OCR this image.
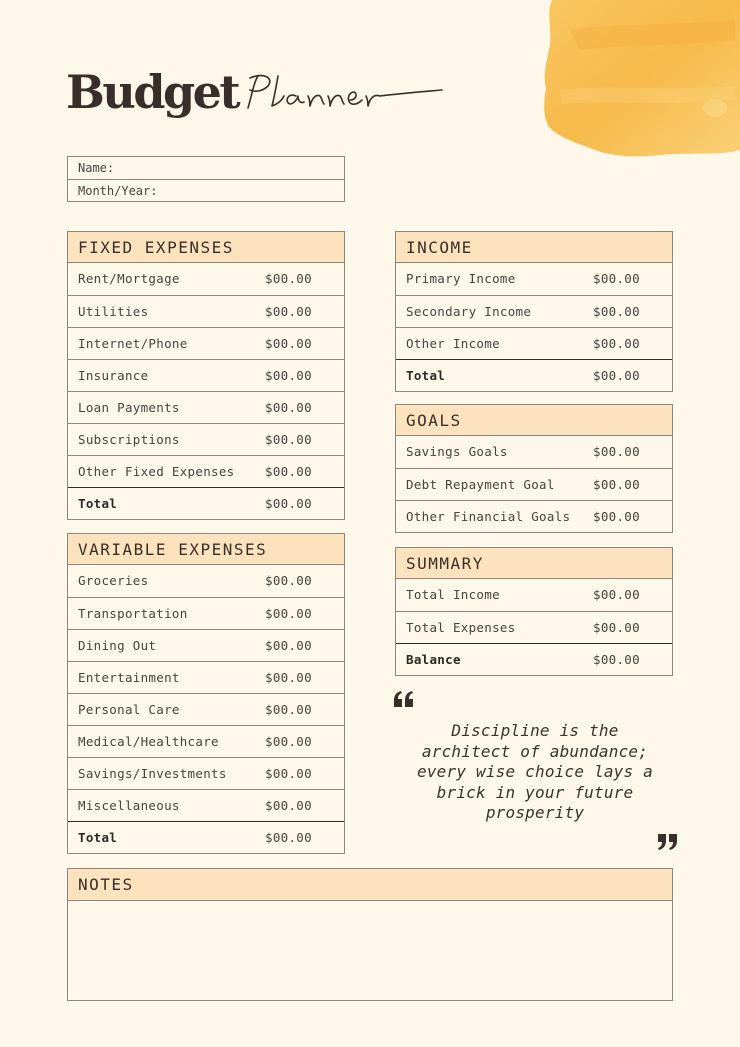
Budget
Name:
Month/Year:
FIXED EXPENSES
Rent/Mortgage	$00.00
Utilities	$00.00
Internet/Phone	$00.00
Insurance	$00.00
Loan Payments	$00.00
Subscriptions	$00.00
Other Fixed Expenses $00.00
Total	$00.00
VARIABLE EXPENSES
Groceries	$00.00
Transportation	$00.00
Dining Out	$00.00
Entertainment	$00.00
Personal Care	$00.00
Medical/Healthcare	$00.00
Savings/Investments	$00.00
Miscellaneous	$00.00
Total	$00.00
INCOME
Primary Income	$00.00
Secondary Income	$00.00
Other Income	$00.00
Total	$00.00
GOALS
Savings Goals	$00.00
Debt Repayment Goal	$00.00
Other Financial Goals $00.00
SUMMARY
Total Income	$00.00
Total Expenses	$00.00
Balance	$00.00
Discipline is the
architect of abundance;
every wise choice lays a
brick in your future
prosperity
NOTES
